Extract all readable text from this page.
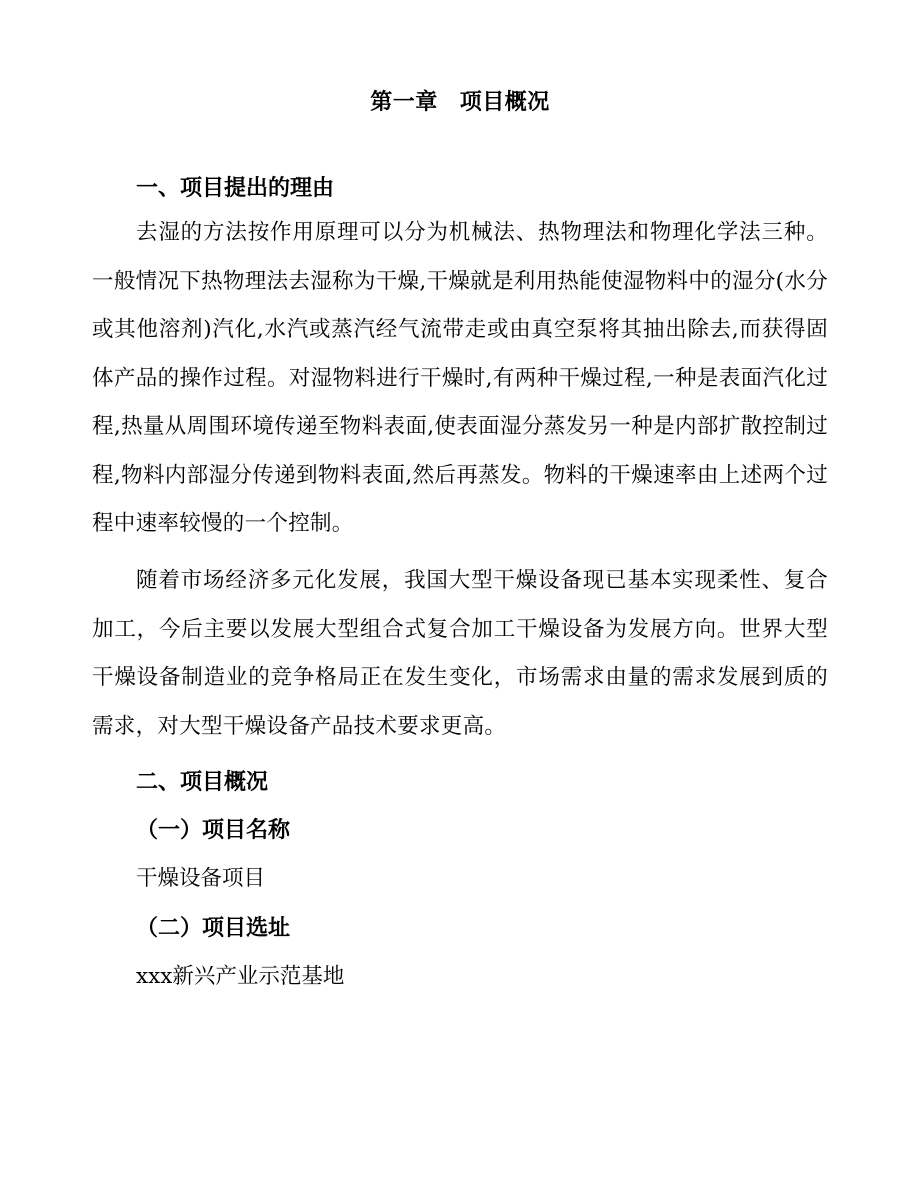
第一章 项目概况
一、项目提出的理由

去湿的方法按作用原理可以分为机械法、热物理法和物理化学法三种。一般情况下热物理法去湿称为干燥,干燥就是利用热能使湿物料中的湿分(水分或其他溶剂)汽化,水汽或蒸汽经气流带走或由真空泵将其抽出除去,而获得固体产品的操作过程。对湿物料进行干燥时,有两种干燥过程,一种是表面汽化过程,热量从周围环境传递至物料表面,使表面湿分蒸发另一种是内部扩散控制过程,物料内部湿分传递到物料表面,然后再蒸发。物料的干燥速率由上述两个过程中速率较慢的一个控制。

随着市场经济多元化发展，我国大型干燥设备现已基本实现柔性、复合加工，今后主要以发展大型组合式复合加工干燥设备为发展方向。世界大型干燥设备制造业的竞争格局正在发生变化，市场需求由量的需求发展到质的需求，对大型干燥设备产品技术要求更高。

二、项目概况
（一）项目名称

干燥设备项目

（二）项目选址

xxx新兴产业示范基地
